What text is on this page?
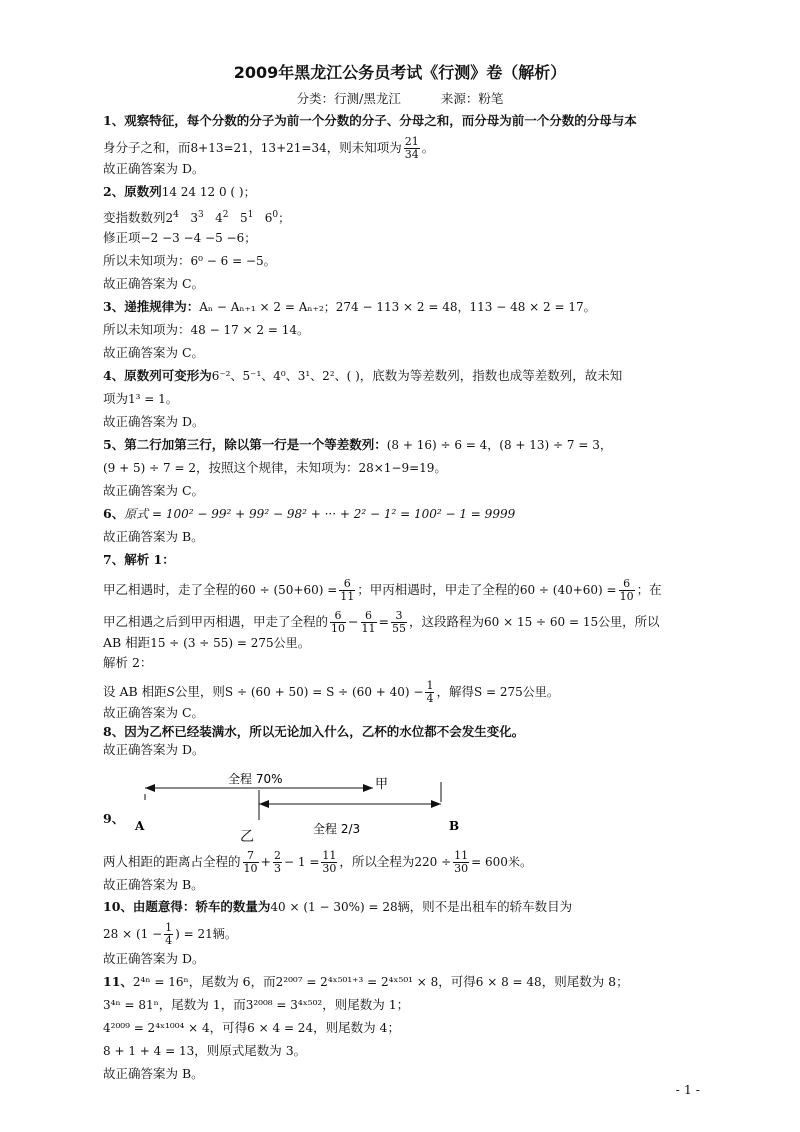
2009年黑龙江公务员考试《行测》卷（解析）
分类：行测/黑龙江	来源：粉笔
1、观察特征，每个分数的分子为前一个分数的分子、分母之和，而分母为前一个分数的分母与本
身分子之和，而8+13=21，13+21=34，则未知项为 $\frac{21}{34}$ 。
故正确答案为 D。
2、原数列14 24 12 0 ( )；
变指数数列$2^4$   $3^3$   $4^2$   $5^1$   $6^0$；
修正项−2 −3 −4 −5 −6；
所以未知项为：6⁰ − 6 = −5。
故正确答案为 C。
3、递推规律为：Aₙ − Aₙ₊₁ × 2 = Aₙ₊₂；274 − 113 × 2 = 48，113 − 48 × 2 = 17。
所以未知项为：48 − 17 × 2 = 14。
故正确答案为 C。
4、原数列可变形为6⁻²、5⁻¹、4⁰、3¹、2²、( )，底数为等差数列，指数也成等差数列，故未知
项为1³ = 1。
故正确答案为 D。
5、第二行加第三行，除以第一行是一个等差数列：(8 + 16) ÷ 6 = 4，(8 + 13) ÷ 7 = 3，
(9 + 5) ÷ 7 = 2，按照这个规律，未知项为：28×1−9=19。
故正确答案为 C。
6、原式 = 100² − 99² + 99² − 98² + ··· + 2² − 1² = 100² − 1 = 9999
故正确答案为 B。
7、解析 1：
甲乙相遇时，走了全程的$60 \div (50+60) = \frac{6}{11}$ ；甲丙相遇时，甲走了全程的$60 \div (40+60) = \frac{6}{10}$ ；在
甲乙相遇之后到甲丙相遇，甲走了全程的 $\frac{6}{10} - \frac{6}{11} = \frac{3}{55}$ ，这段路程为60 × 15 ÷ 60 = 15公里，所以
AB 相距15 ÷ (3 ÷ 55) = 275公里。
解析 2：
设 AB 相距S公里，则$S \div (60 + 50) = S \div (60 + 40) - \frac{1}{4}$ ，解得S = 275公里。
故正确答案为 C。
8、因为乙杯已经装满水，所以无论加入什么，乙杯的水位都不会发生变化。
故正确答案为 D。
全程 70%	甲
A	B
全程 2/3
乙
9、
两人相距的距离占全程的 $\frac{7}{10} + \frac{2}{3} - 1 = \frac{11}{30}$ ，所以全程为$220 \div \frac{11}{30} = 600$米。
故正确答案为 B。
10、由题意得：轿车的数量为40 × (1 − 30%) = 28辆，则不是出租车的轿车数目为
$28 \times (1 - \frac{1}{4}$ ) = 21辆。
故正确答案为 D。
11、2⁴ⁿ = 16ⁿ，尾数为 6，而2²⁰⁰⁷ = 2⁴ˣ⁵⁰¹⁺³ = 2⁴ˣ⁵⁰¹ × 8，可得6 × 8 = 48，则尾数为 8；
3⁴ⁿ = 81ⁿ，尾数为 1，而3²⁰⁰⁸ = 3⁴ˣ⁵⁰²，则尾数为 1；
4²⁰⁰⁹ = 2⁴ˣ¹⁰⁰⁴ × 4，可得6 × 4 = 24，则尾数为 4；
8 + 1 + 4 = 13，则原式尾数为 3。
故正确答案为 B。
- 1 -
